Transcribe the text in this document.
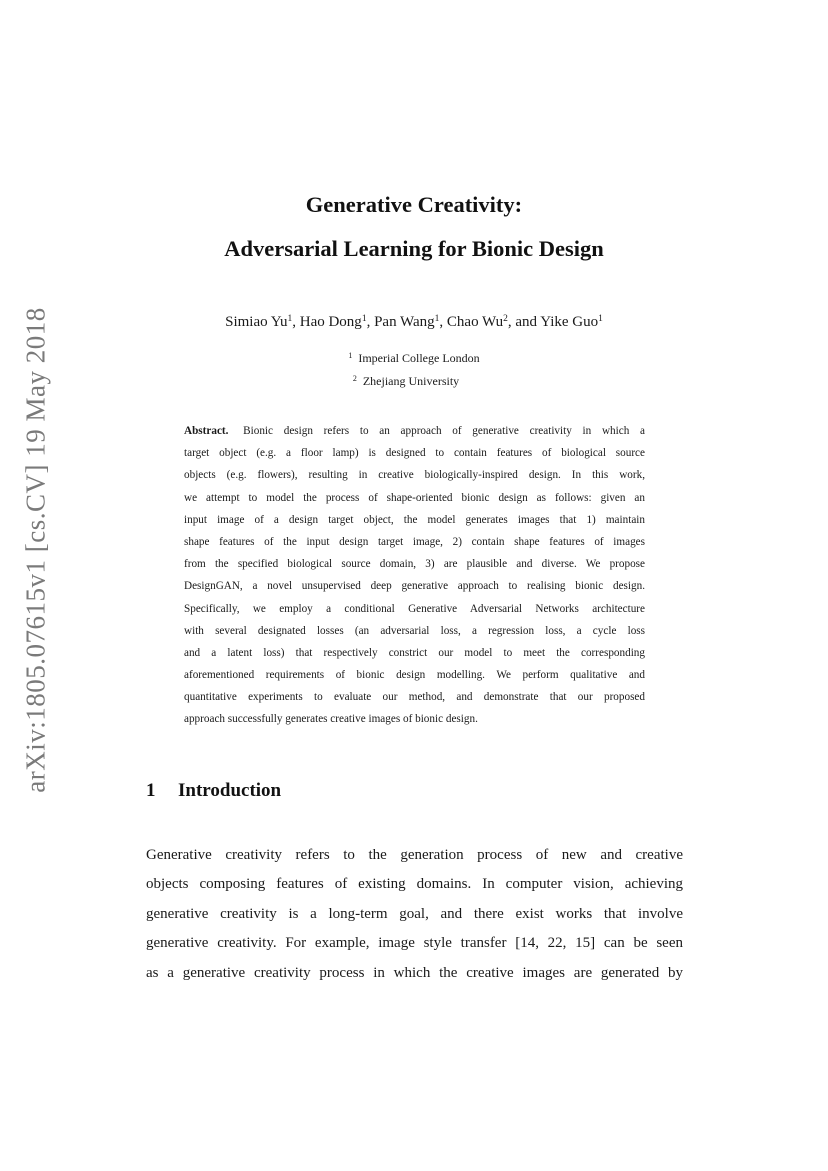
arXiv:1805.07615v1 [cs.CV] 19 May 2018
Generative Creativity:
Adversarial Learning for Bionic Design
Simiao Yu$^1$, Hao Dong$^1$, Pan Wang$^1$, Chao Wu$^2$, and Yike Guo$^1$
$^1$ Imperial College London
$^2$ Zhejiang University
Abstract. Bionic design refers to an approach of generative creativity in which a
target object (e.g. a floor lamp) is designed to contain features of biological source
objects (e.g. flowers), resulting in creative biologically-inspired design. In this work,
we attempt to model the process of shape-oriented bionic design as follows: given an
input image of a design target object, the model generates images that 1) maintain
shape features of the input design target image, 2) contain shape features of images
from the specified biological source domain, 3) are plausible and diverse. We propose
DesignGAN, a novel unsupervised deep generative approach to realising bionic design.
Specifically, we employ a conditional Generative Adversarial Networks architecture
with several designated losses (an adversarial loss, a regression loss, a cycle loss
and a latent loss) that respectively constrict our model to meet the corresponding
aforementioned requirements of bionic design modelling. We perform qualitative and
quantitative experiments to evaluate our method, and demonstrate that our proposed
approach successfully generates creative images of bionic design.
1 Introduction
Generative creativity refers to the generation process of new and creative
objects composing features of existing domains. In computer vision, achieving
generative creativity is a long-term goal, and there exist works that involve
generative creativity. For example, image style transfer [14, 22, 15] can be seen
as a generative creativity process in which the creative images are generated by
